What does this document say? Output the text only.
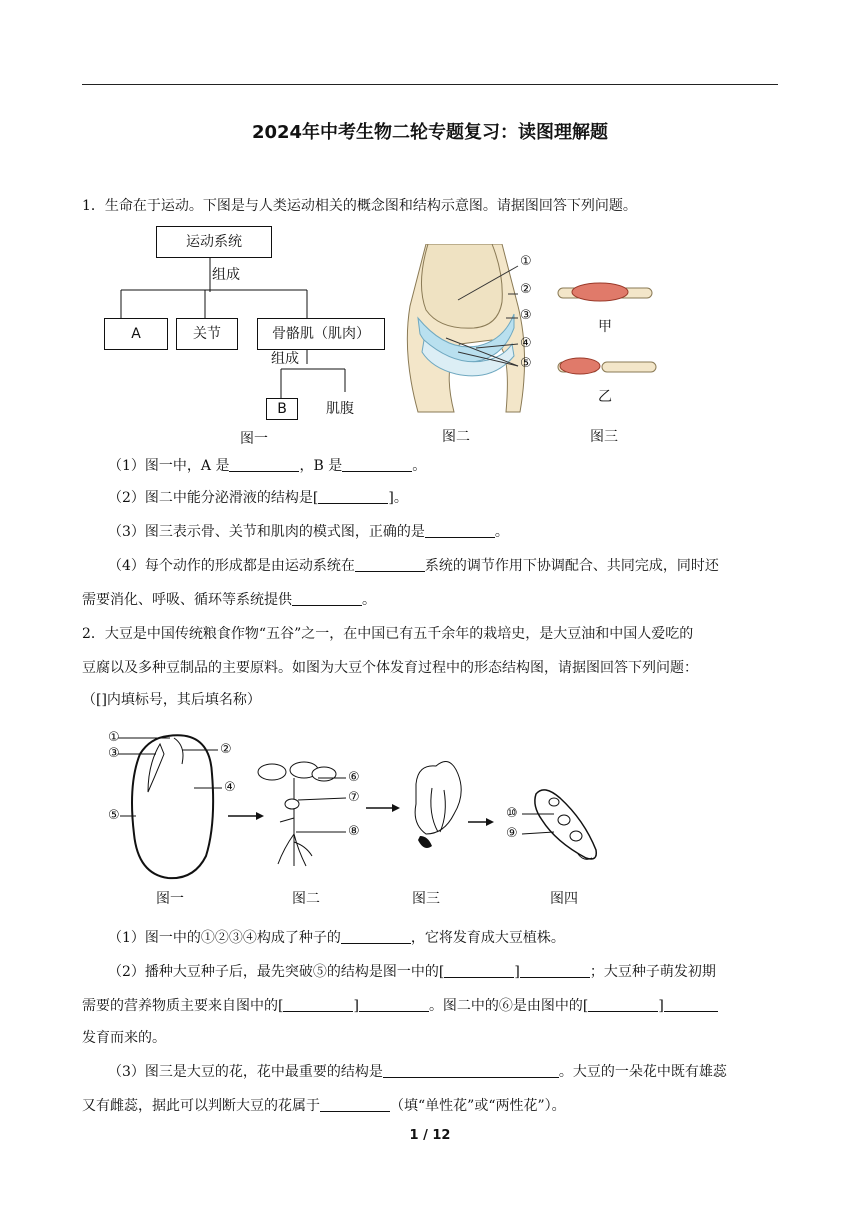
2024年中考生物二轮专题复习：读图理解题
1．生命在于运动。下图是与人类运动相关的概念图和结构示意图。请据图回答下列问题。
运动系统
组成
A	关节	骨骼肌（肌肉）
组成
B	肌腹
图一
①
②
③
④
⑤
图二
甲
乙
图三
（1）图一中，A 是	，B 是	。
（2）图二中能分泌滑液的结构是[	]。
（3）图三表示骨、关节和肌肉的模式图，正确的是	。
（4）每个动作的形成都是由运动系统在	系统的调节作用下协调配合、共同完成，同时还
需要消化、呼吸、循环等系统提供	。
2．大豆是中国传统粮食作物“五谷”之一，在中国已有五千余年的栽培史，是大豆油和中国人爱吃的
豆腐以及多种豆制品的主要原料。如图为大豆个体发育过程中的形态结构图，请据图回答下列问题：
（[]内填标号，其后填名称）
①
②
③
④
⑤
⑥
⑦
⑧
⑩
⑨
图一	图二	图三	图四
（1）图一中的①②③④构成了种子的	，它将发育成大豆植株。
（2）播种大豆种子后，最先突破⑤的结构是图一中的[	]	；大豆种子萌发初期
需要的营养物质主要来自图中的[	]	。图二中的⑥是由图中的[	]
发育而来的。
（3）图三是大豆的花，花中最重要的结构是	。大豆的一朵花中既有雄蕊
又有雌蕊，据此可以判断大豆的花属于	（填“单性花”或“两性花”）。
1 / 12
